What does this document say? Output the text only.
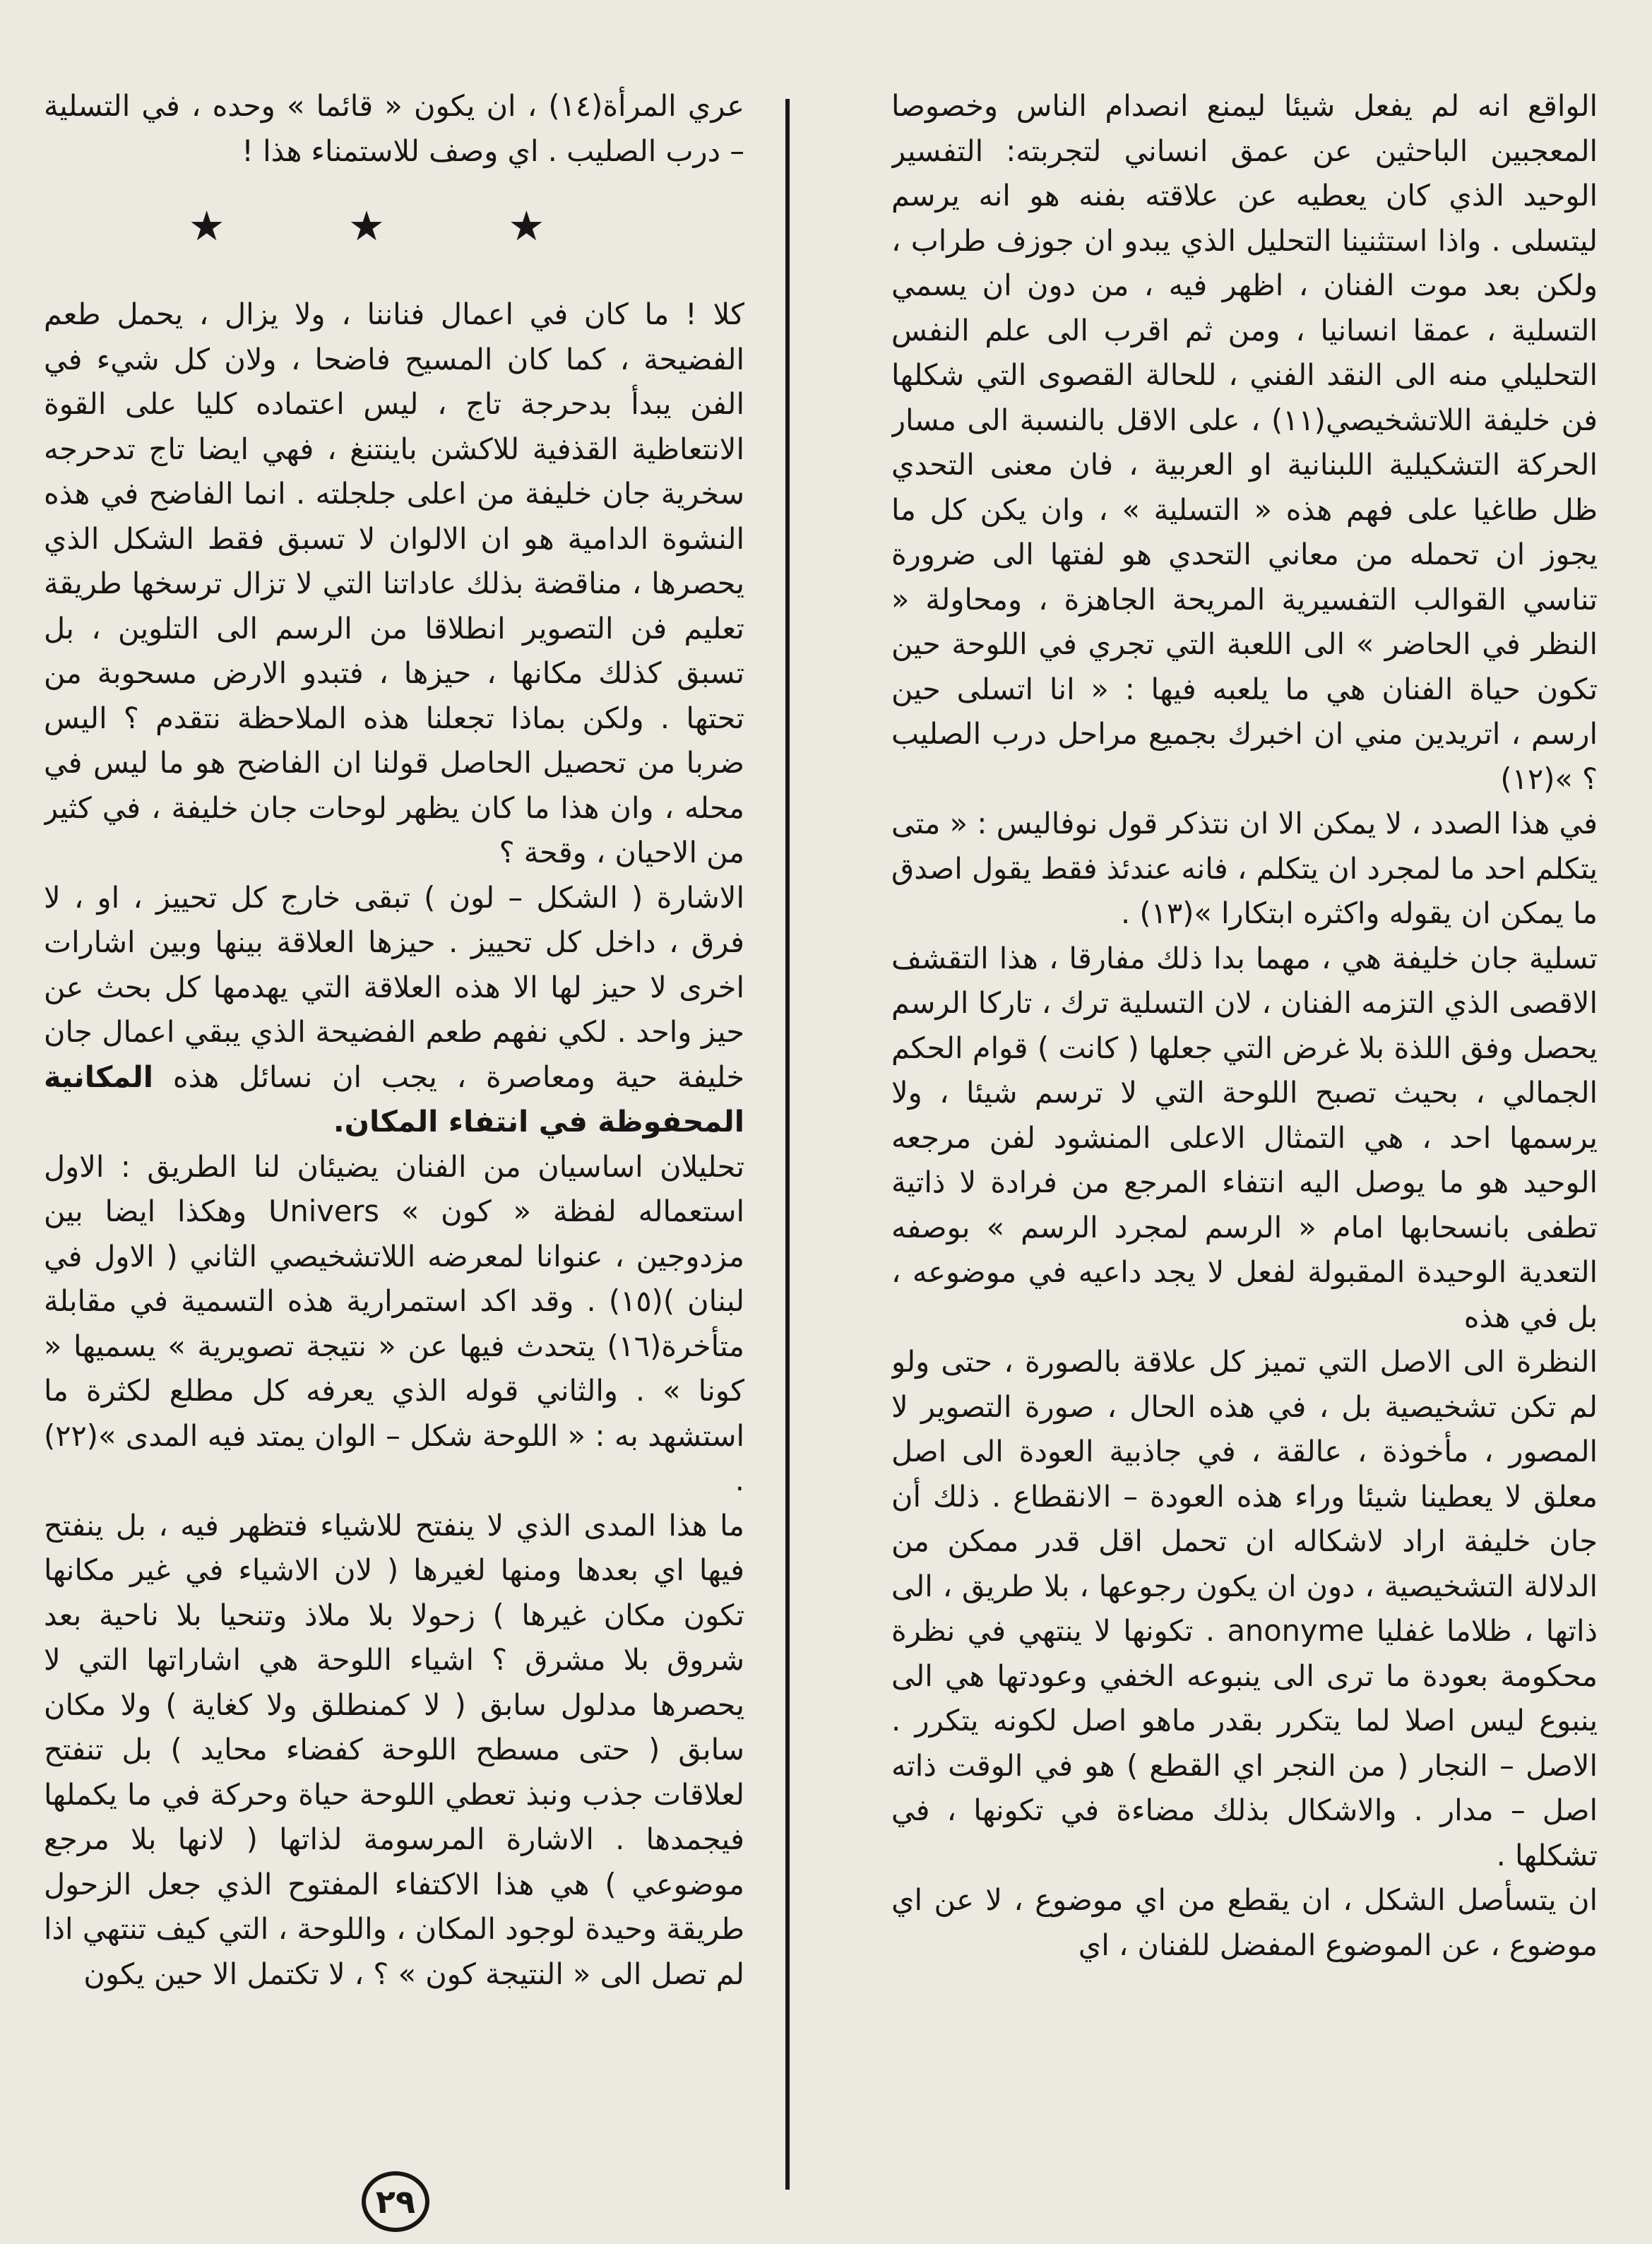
الواقع انه لم يفعل شيئا ليمنع انصدام الناس وخصوصا المعجبين الباحثين عن عمق انساني لتجربته: التفسير الوحيد الذي كان يعطيه عن علاقته بفنه هو انه يرسم ليتسلى . واذا استثنينا التحليل الذي يبدو ان جوزف طراب ، ولكن بعد موت الفنان ، اظهر فيه ، من دون ان يسمي التسلية ، عمقا انسانيا ، ومن ثم اقرب الى علم النفس التحليلي منه الى النقد الفني ، للحالة القصوى التي شكلها فن خليفة اللاتشخيصي(١١) ، على الاقل بالنسبة الى مسار الحركة التشكيلية اللبنانية او العربية ، فان معنى التحدي ظل طاغيا على فهم هذه « التسلية » ، وان يكن كل ما يجوز ان تحمله من معاني التحدي هو لفتها الى ضرورة تناسي القوالب التفسيرية المريحة الجاهزة ، ومحاولة « النظر في الحاضر » الى اللعبة التي تجري في اللوحة حين تكون حياة الفنان هي ما يلعبه فيها : « انا اتسلى حين ارسم ، اتريدين مني ان اخبرك بجميع مراحل درب الصليب ؟ »(١٢)

في هذا الصدد ، لا يمكن الا ان نتذكر قول نوفاليس : « متى يتكلم احد ما لمجرد ان يتكلم ، فانه عندئذ فقط يقول اصدق ما يمكن ان يقوله واكثره ابتكارا »(١٣) .

تسلية جان خليفة هي ، مهما بدا ذلك مفارقا ، هذا التقشف الاقصى الذي التزمه الفنان ، لان التسلية ترك ، تاركا الرسم يحصل وفق اللذة بلا غرض التي جعلها ( كانت ) قوام الحكم الجمالي ، بحيث تصبح اللوحة التي لا ترسم شيئا ، ولا يرسمها احد ، هي التمثال الاعلى المنشود لفن مرجعه الوحيد هو ما يوصل اليه انتفاء المرجع من فرادة لا ذاتية تطفى بانسحابها امام « الرسم لمجرد الرسم » بوصفه التعدية الوحيدة المقبولة لفعل لا يجد داعيه في موضوعه ، بل في هذه

النظرة الى الاصل التي تميز كل علاقة بالصورة ، حتى ولو لم تكن تشخيصية بل ، في هذه الحال ، صورة التصوير لا المصور ، مأخوذة ، عالقة ، في جاذبية العودة الى اصل معلق لا يعطينا شيئا وراء هذه العودة – الانقطاع . ذلك أن جان خليفة اراد لاشكاله ان تحمل اقل قدر ممكن من الدلالة التشخيصية ، دون ان يكون رجوعها ، بلا طريق ، الى ذاتها ، ظلاما غفليا anonyme . تكونها لا ينتهي في نظرة محكومة بعودة ما ترى الى ينبوعه الخفي وعودتها هي الى ينبوع ليس اصلا لما يتكرر بقدر ماهو اصل لكونه يتكرر . الاصل – النجار ( من النجر اي القطع ) هو في الوقت ذاته اصل – مدار . والاشكال بذلك مضاءة في تكونها ، في تشكلها .

ان يتسأصل الشكل ، ان يقطع من اي موضوع ، لا عن اي موضوع ، عن الموضوع المفضل للفنان ، اي

عري المرأة(١٤) ، ان يكون « قائما » وحده ، في التسلية – درب الصليب . اي وصف للاستمناء هذا !

★ ★ ★

كلا ! ما كان في اعمال فناننا ، ولا يزال ، يحمل طعم الفضيحة ، كما كان المسيح فاضحا ، ولان كل شيء في الفن يبدأ بدحرجة تاج ، ليس اعتماده كليا على القوة الانتعاظية القذفية للاكشن باينتنغ ، فهي ايضا تاج تدحرجه سخرية جان خليفة من اعلى جلجلته . انما الفاضح في هذه النشوة الدامية هو ان الالوان لا تسبق فقط الشكل الذي يحصرها ، مناقضة بذلك عاداتنا التي لا تزال ترسخها طريقة تعليم فن التصوير انطلاقا من الرسم الى التلوين ، بل تسبق كذلك مكانها ، حيزها ، فتبدو الارض مسحوبة من تحتها . ولكن بماذا تجعلنا هذه الملاحظة نتقدم ؟ اليس ضربا من تحصيل الحاصل قولنا ان الفاضح هو ما ليس في محله ، وان هذا ما كان يظهر لوحات جان خليفة ، في كثير من الاحيان ، وقحة ؟

الاشارة ( الشكل – لون ) تبقى خارج كل تحييز ، او ، لا فرق ، داخل كل تحييز . حيزها العلاقة بينها وبين اشارات اخرى لا حيز لها الا هذه العلاقة التي يهدمها كل بحث عن حيز واحد . لكي نفهم طعم الفضيحة الذي يبقي اعمال جان خليفة حية ومعاصرة ، يجب ان نسائل هذه المكانية المحفوظة في انتفاء المكان.

تحليلان اساسيان من الفنان يضيئان لنا الطريق : الاول استعماله لفظة « كون » Univers وهكذا ايضا بين مزدوجين ، عنوانا لمعرضه اللاتشخيصي الثاني ( الاول في لبنان )(١٥) . وقد اكد استمرارية هذه التسمية في مقابلة متأخرة(١٦) يتحدث فيها عن « نتيجة تصويرية » يسميها « كونا » . والثاني قوله الذي يعرفه كل مطلع لكثرة ما استشهد به : « اللوحة شكل – الوان يمتد فيه المدى »(٢٢) .

ما هذا المدى الذي لا ينفتح للاشياء فتظهر فيه ، بل ينفتح فيها اي بعدها ومنها لغيرها ( لان الاشياء في غير مكانها تكون مكان غيرها ) زحولا بلا ملاذ وتنحيا بلا ناحية بعد شروق بلا مشرق ؟ اشياء اللوحة هي اشاراتها التي لا يحصرها مدلول سابق ( لا كمنطلق ولا كغاية ) ولا مكان سابق ( حتى مسطح اللوحة كفضاء محايد ) بل تنفتح لعلاقات جذب ونبذ تعطي اللوحة حياة وحركة في ما يكملها فيجمدها . الاشارة المرسومة لذاتها ( لانها بلا مرجع موضوعي ) هي هذا الاكتفاء المفتوح الذي جعل الزحول طريقة وحيدة لوجود المكان ، واللوحة ، التي كيف تنتهي اذا لم تصل الى « النتيجة كون » ؟ ، لا تكتمل الا حين يكون

٢٩
